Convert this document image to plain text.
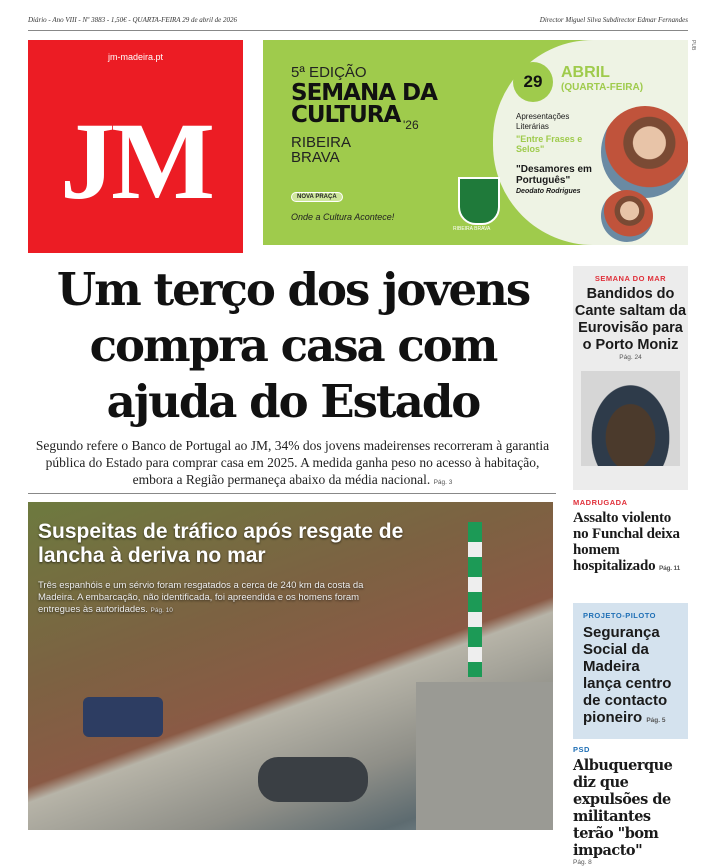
Diário - Ano VIII - Nº 3883 - 1,50€ - QUARTA-FEIRA 29 de abril de 2026	Director Miguel Silva Subdirector Edmar Fernandes
jm-madeira.pt
JM
5ª EDIÇÃO
SEMANA DA
CULTURA '26
RIBEIRA
BRAVA
NOVA PRAÇA
Onde a Cultura Acontece!
RIBEIRA BRAVA
29	ABRIL
(QUARTA-FEIRA)
Apresentações Literárias
"Entre Frases e Selos"
"Desamores em Português"
Deodato Rodrigues
PUB
Um terço dos jovens compra casa com ajuda do Estado
Segundo refere o Banco de Portugal ao JM, 34% dos jovens madeirenses recorreram à garantia pública do Estado para comprar casa em 2025. A medida ganha peso no acesso à habitação, embora a Região permaneça abaixo da média nacional. Pág. 3
Suspeitas de tráfico após resgate de lancha à deriva no mar
Três espanhóis e um sérvio foram resgatados a cerca de 240 km da costa da Madeira. A embarcação, não identificada, foi apreendida e os homens foram entregues às autoridades. Pág. 10
SEMANA DO MAR
Bandidos do Cante saltam da Eurovisão para o Porto Moniz
Pág. 24
MADRUGADA
Assalto violento no Funchal deixa homem hospitalizado Pág. 11
PROJETO-PILOTO
Segurança Social da Madeira lança centro de contacto pioneiro Pág. 5
PSD
Albuquerque diz que expulsões de militantes terão "bom impacto"
Pág. 8
